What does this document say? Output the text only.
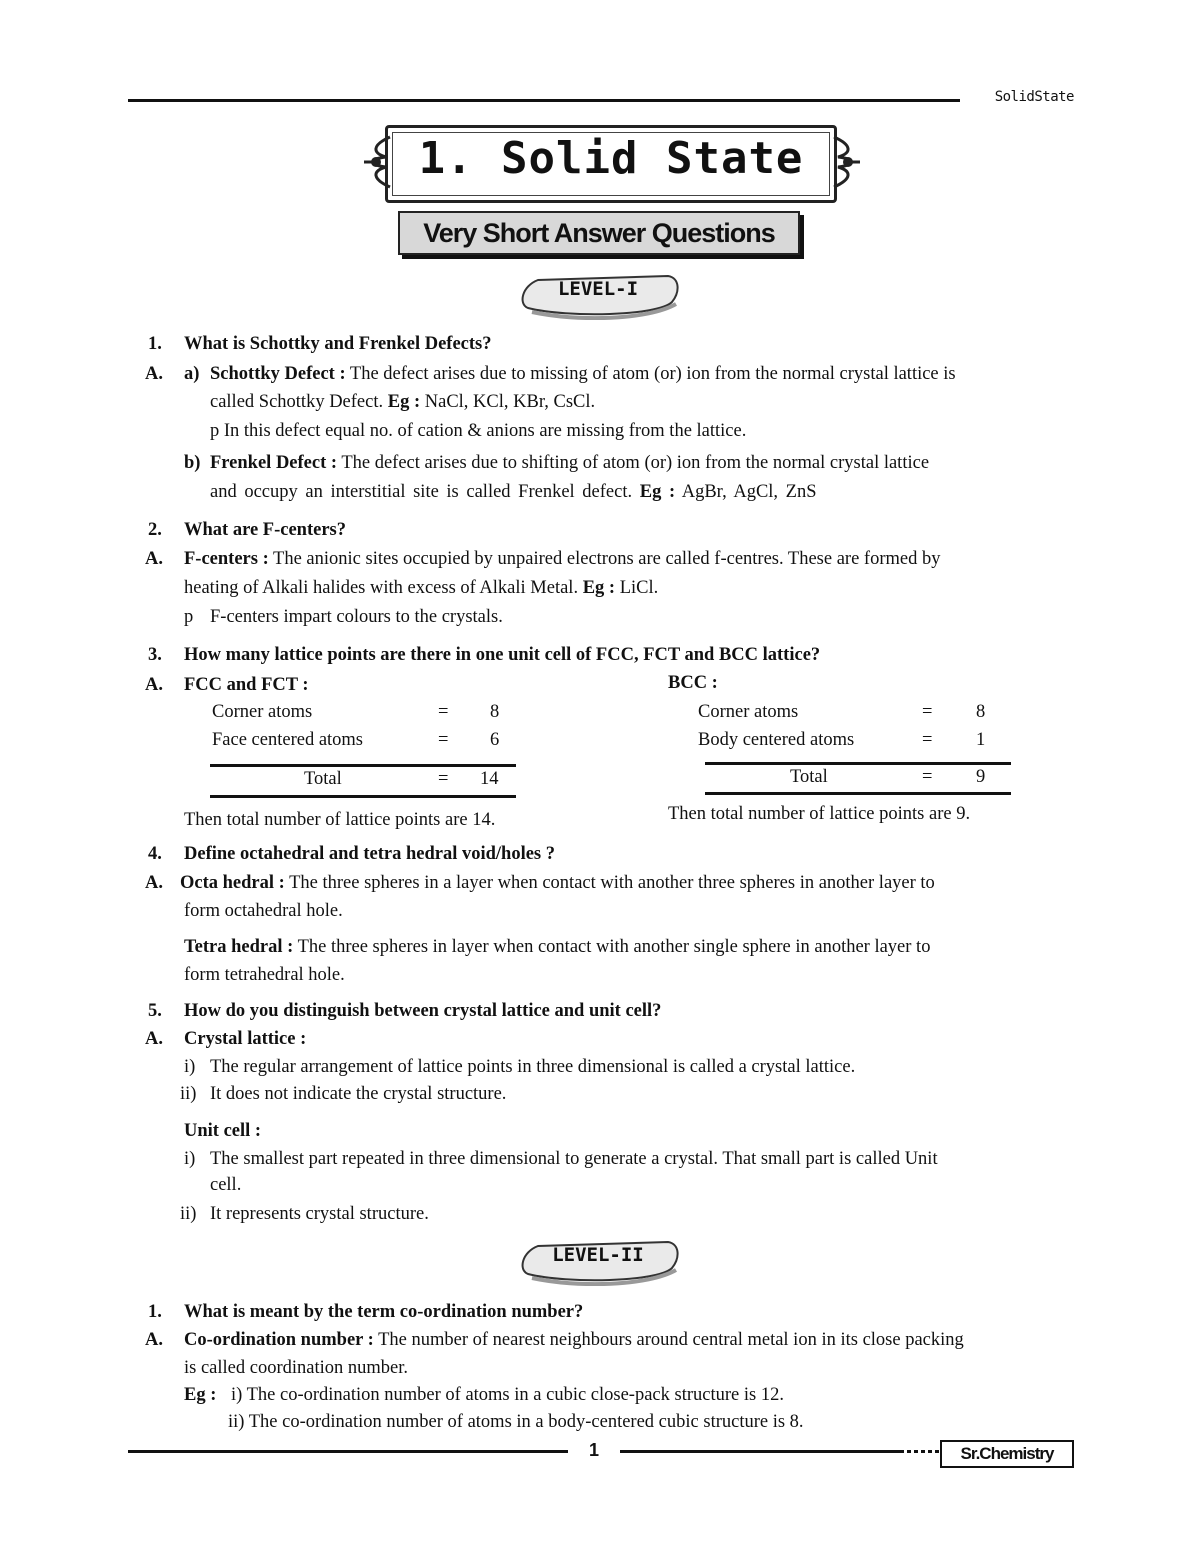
SolidState
1. Solid State
Very Short Answer Questions
LEVEL-I
1. What is Schottky and Frenkel Defects?
A. a) Schottky Defect : The defect arises due to missing of atom (or) ion from the normal crystal lattice is
called Schottky Defect. Eg : NaCl, KCl, KBr, CsCl.
p In this defect equal no. of cation & anions are missing from the lattice.
b) Frenkel Defect : The defect arises due to shifting of atom (or) ion from the normal crystal lattice
and occupy an interstitial site is called Frenkel defect. Eg : AgBr, AgCl, ZnS
2. What are F-centers?
A. F-centers : The anionic sites occupied by unpaired electrons are called f-centres. These are formed by
heating of Alkali halides with excess of Alkali Metal. Eg : LiCl.
p F-centers impart colours to the crystals.
3. How many lattice points are there in one unit cell of FCC, FCT and BCC lattice?
A. FCC and FCT :	BCC :
Corner atoms	= 8
Face centered atoms	= 6
Total	= 14
Then total number of lattice points are 14.
Corner atoms	= 8
Body centered atoms	= 1
Total	= 9
Then total number of lattice points are 9.
4. Define octahedral and tetra hedral void/holes ?
A. Octa hedral : The three spheres in a layer when contact with another three spheres in another layer to
form octahedral hole.
Tetra hedral : The three spheres in layer when contact with another single sphere in another layer to
form tetrahedral hole.
5. How do you distinguish between crystal lattice and unit cell?
A. Crystal lattice :
i) The regular arrangement of lattice points in three dimensional is called a crystal lattice.
ii) It does not indicate the crystal structure.
Unit cell :
i) The smallest part repeated in three dimensional to generate a crystal. That small part is called Unit
cell.
ii) It represents crystal structure.
LEVEL-II
1. What is meant by the term co-ordination number?
A. Co-ordination number : The number of nearest neighbours around central metal ion in its close packing
is called coordination number.
Eg : i) The co-ordination number of atoms in a cubic close-pack structure is 12.
ii) The co-ordination number of atoms in a body-centered cubic structure is 8.
1	Sr.Chemistry
